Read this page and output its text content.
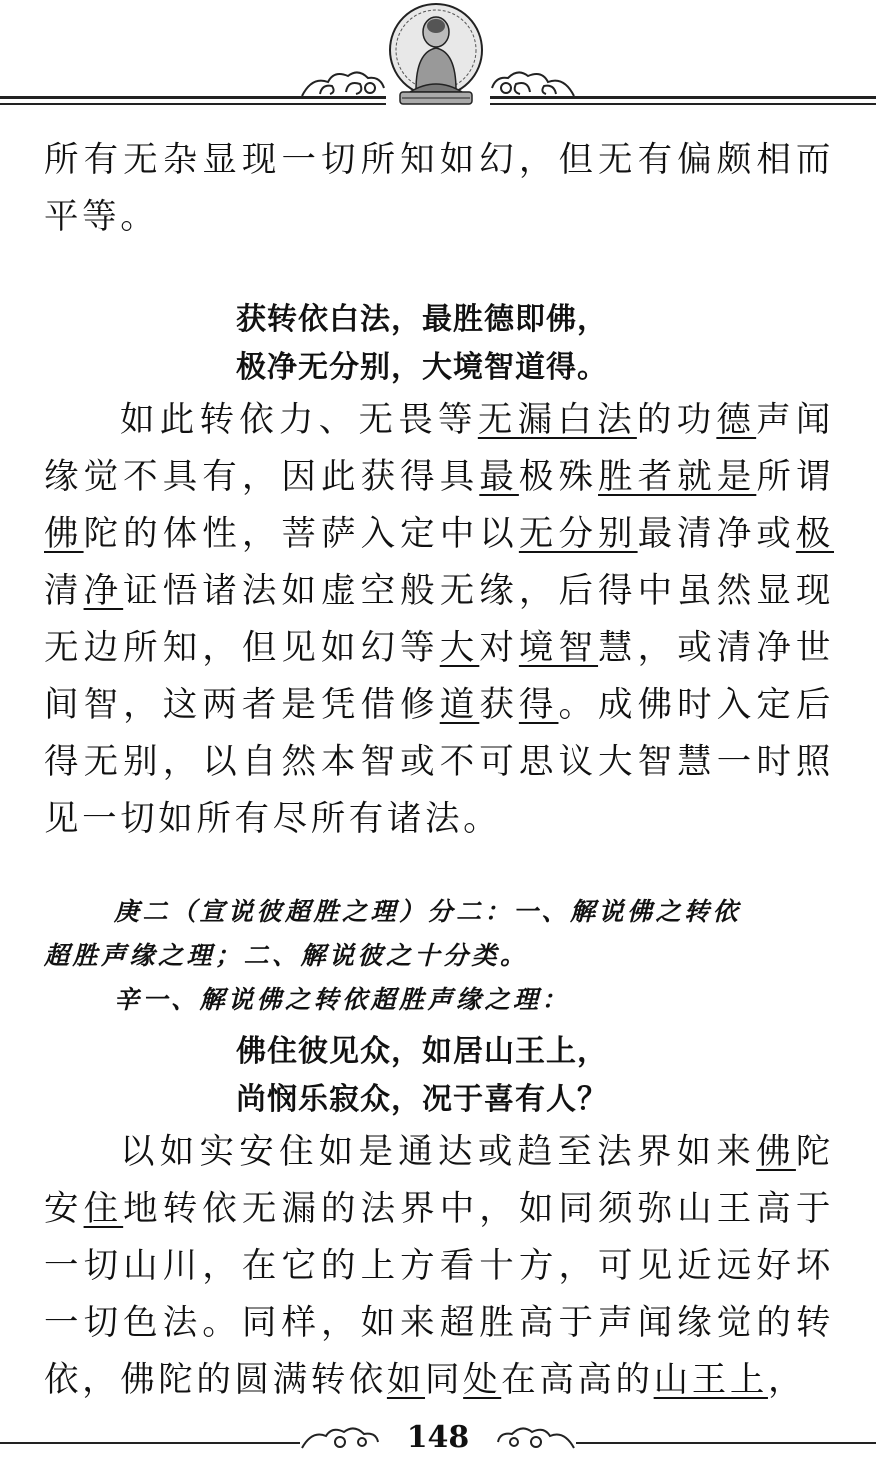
所有无杂显现一切所知如幻，但无有偏颇相而平等。

获转依白法，最胜德即佛，

极净无分别，大境智道得。

如此转依力、无畏等无漏白法的功德声闻缘觉不具有，因此获得具最极殊胜者就是所谓佛陀的体性，菩萨入定中以无分别最清净或极清净证悟诸法如虚空般无缘，后得中虽然显现无边所知，但见如幻等大对境智慧，或清净世间智，这两者是凭借修道获得。成佛时入定后得无别，以自然本智或不可思议大智慧一时照见一切如所有尽所有诸法。

庚二（宣说彼超胜之理）分二：一、解说佛之转依

超胜声缘之理；二、解说彼之十分类。

辛一、解说佛之转依超胜声缘之理：

佛住彼见众，如居山王上，

尚悯乐寂众，况于喜有人？

以如实安住如是通达或趋至法界如来佛陀安住地转依无漏的法界中，如同须弥山王高于一切山川，在它的上方看十方，可见近远好坏一切色法。同样，如来超胜高于声闻缘觉的转依，佛陀的圆满转依如同处在高高的山王上，

148
